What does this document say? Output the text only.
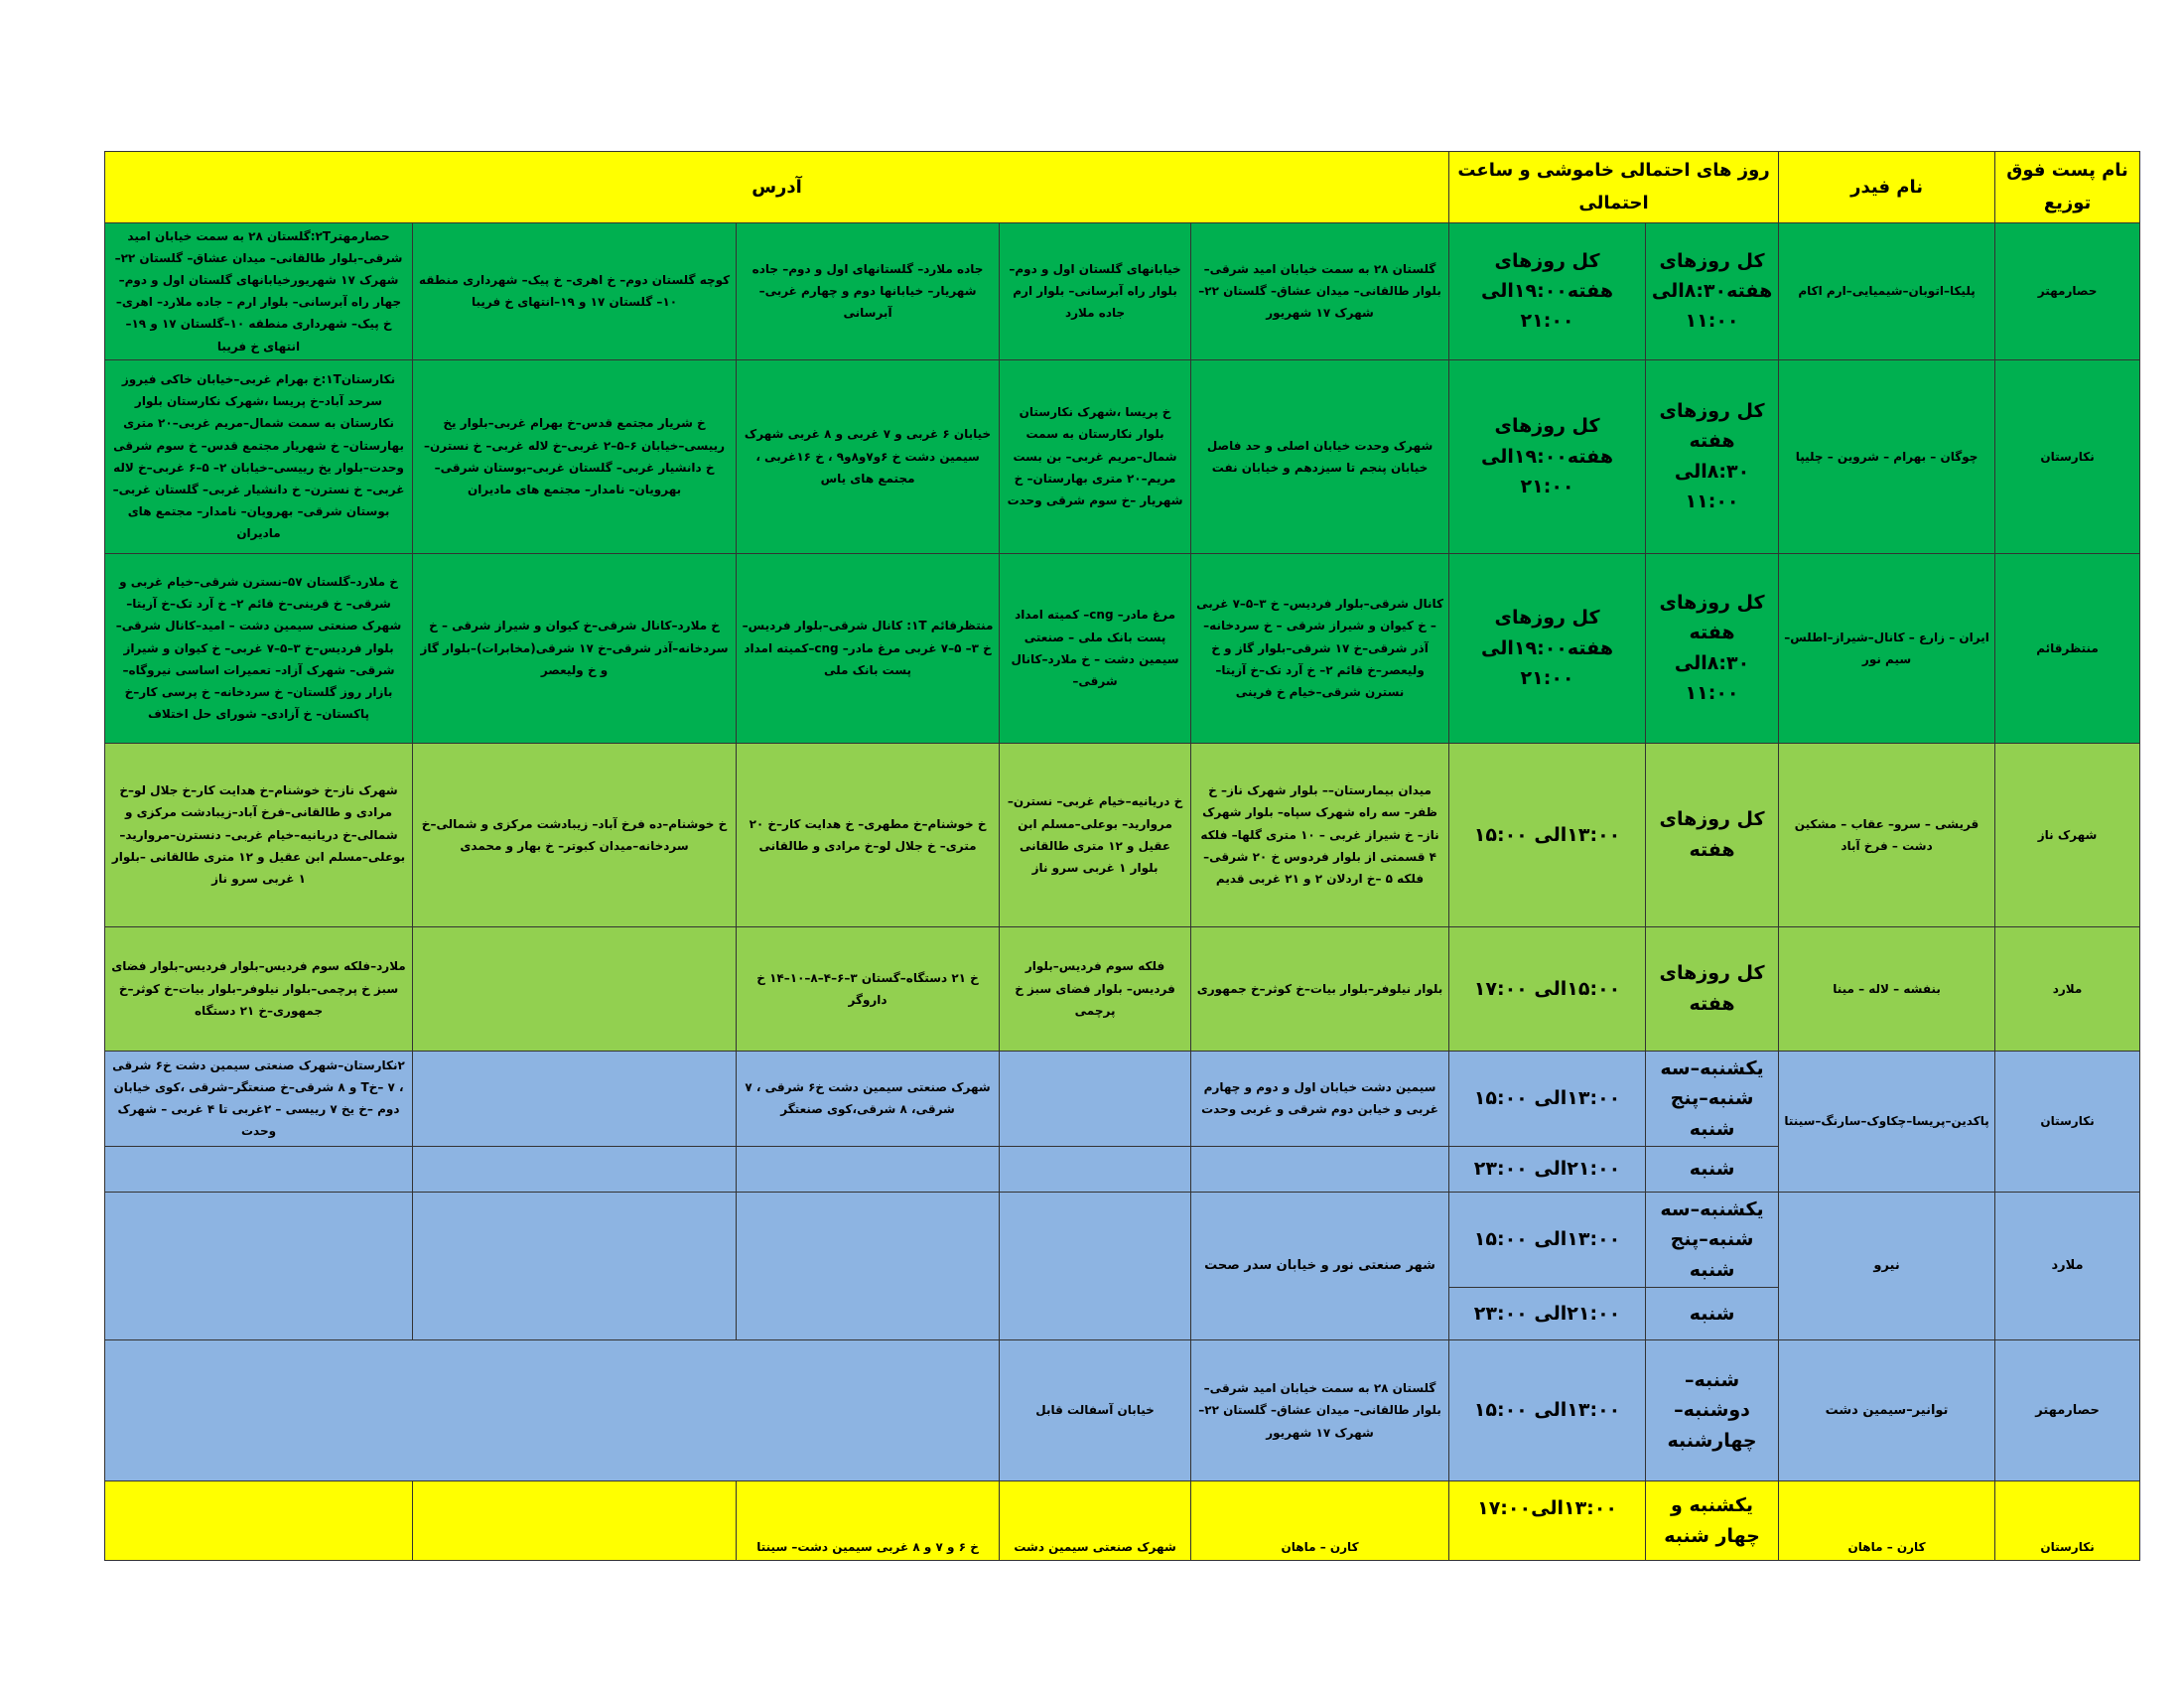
نام پست فوق توزیع	نام فیدر	روز های احتمالی خاموشی و ساعت احتمالی		آدرس				
حصارمهتر	پلیکا–اتوبان–شیمیایی–ارم اکام	کل روزهای هفته۸:۳۰الی ۱۱:۰۰	کل روزهای هفته۱۹:۰۰الی ۲۱:۰۰	گلستان ۲۸ به سمت خیابان امید شرقی–بلوار طالقانی– میدان عشاق– گلستان ۲۲– شهرک ۱۷ شهریور	خیابانهای گلستان اول و دوم– بلوار راه آبرسانی– بلوار ارم جاده ملارد	جاده ملارد– گلستانهای اول و دوم– جاده شهریار– خیابانها دوم و چهارم غربی– آبرسانی	کوچه گلستان دوم– خ اهری– خ پیک– شهرداری منطقه ۱۰– گلستان ۱۷ و ۱۹–انتهای خ فریبا	حصارمهتر۲T:گلستان ۲۸ به سمت خیابان امید شرقی–بلوار طالقانی– میدان عشاق– گلستان ۲۲– شهرک ۱۷ شهریورخیابانهای گلستان اول و دوم– جهار راه آبرسانی– بلوار ارم – جاده ملارد– اهری– خ پیک– شهرداری منطقه ۱۰–گلستان ۱۷ و ۱۹–انتهای خ فریبا
نکارستان	چوگان – بهرام – شروین – چلیپا	کل روزهای هفته ۸:۳۰الی ۱۱:۰۰	کل روزهای هفته۱۹:۰۰الی ۲۱:۰۰	شهرک وحدت خیابان اصلی و حد فاصل خیابان پنجم تا سیزدهم و خیابان نفت	خ پریسا ،شهرک نکارستان بلوار نکارستان به سمت شمال–مریم غربی– بن بست مریم–۲۰ متری بهارستان– خ شهریار –خ سوم شرقی وحدت	خیابان ۶ غربی و ۷ غربی و ۸ غربی شهرک سیمین دشت خ ۶و۷و۸و۹ ، خ ۱۶غربی ، مجتمع های یاس	خ شریار مجتمع قدس–خ بهرام غربی–بلوار یخ رییسی–خیابان ۶–۵–۲ غربی–خ لاله غربی– خ نسترن– خ دانشیار غربی– گلستان غربی–بوستان شرقی– بهرویان– نامدار– مجتمع های مادیران	نکارستان۱T:خ بهرام غربی–خیابان خاکی فیروز سرحد آباد–خ پریسا ،شهرک نکارستان بلوار نکارستان به سمت شمال–مریم غربی–۲۰ متری بهارستان– خ شهریار مجتمع قدس– خ سوم شرقی وحدت–بلوار یخ رییسی–خیابان ۲– ۵–۶ غربی–خ لاله غربی– خ نسترن– خ دانشیار غربی– گلستان غربی–بوستان شرقی– بهرویان– نامدار– مجتمع های مادیران
منتظرقائم	ایران – زارع – کانال–شیراز–اطلس– سیم نور	کل روزهای هفته ۸:۳۰الی ۱۱:۰۰	کل روزهای هفته۱۹:۰۰الی ۲۱:۰۰	کانال شرقی–بلوار فردیس– خ ۳–۵–۷ غربی – خ کیوان و شیراز شرقی – خ سردخانه– آذر شرقی–خ ۱۷ شرقی–بلوار گاز و خ ولیعصر–خ قائم ۲– خ آرد تک–خ آزیتا–نسترن شرقی–خیام خ فرینی	مرغ مادر– cng– کمیته امداد پست بانک ملی – صنعتی سیمین دشت – خ ملارد–کانال شرقی–	منتظرقائم ۱T: کانال شرقی–بلوار فردیس–خ ۳– ۵–۷ غربی مرغ مادر– cng–کمیته امداد پست بانک ملی	خ ملارد–کانال شرقی–خ کیوان و شیراز شرقی – خ سردخانه–آذر شرقی–خ ۱۷ شرقی(مخابرات)–بلوار گاز و خ ولیعصر	خ ملارد–گلستان ۵۷–نسترن شرقی–خیام غربی و شرقی– خ قرینی–خ قائم ۲– خ آرد تک–خ آزیتا–شهرک صنعتی سیمین دشت – امید–کانال شرقی–بلوار فردیس–خ ۳–۵–۷ غربی– خ کیوان و شیراز شرقی– شهرک آزاد– تعمیرات اساسی نیروگاه– بازار روز گلستان– خ سردخانه– خ پرسی کار–خ پاکستان– خ آزادی– شورای حل اختلاف
شهرک ناز	قریشی – سرو– عقاب – مشکین دشت – فرخ آباد	کل روزهای هفته	۱۳:۰۰الی ۱۵:۰۰	میدان بیمارستان–– بلوار شهرک ناز– خ ظفر– سه راه شهرک سپاه– بلوار شهرک ناز– خ شیراز غربی – ۱۰ متری گلها– فلکه ۴ قسمتی از بلوار فردوس خ ۲۰ شرقی– فلکه ۵ –خ اردلان ۲ و ۲۱ غربی قدیم	خ دریانیه–خیام غربی– نسترن– مروارید– بوعلی–مسلم ابن عقیل و ۱۲ متری طالقانی بلوار ۱ غربی سرو ناز	خ خوشنام–خ مطهری– خ هدایت کار–خ ۲۰ متری– خ جلال لو–خ مرادی و طالقانی	خ خوشنام–ده فرخ آباد– زیبادشت مرکزی و شمالی–خ سردخانه–میدان کبوتر– خ بهار و محمدی	شهرک ناز–خ خوشنام–خ هدایت کار–خ جلال لو–خ مرادی و طالقانی–فرخ آباد–زیبادشت مرکزی و شمالی–خ دریانیه–خیام غربی– دنسترن–مروارید– بوعلی–مسلم ابن عقیل و ۱۲ متری طالقانی –بلوار ۱ غربی سرو ناز
ملارد	بنفشه – لاله – مینا	کل روزهای هفته	۱۵:۰۰الی ۱۷:۰۰	بلوار نیلوفر–بلوار بیات–خ کوثر–خ جمهوری	فلکه سوم فردیس–بلوار فردیس– بلوار فضای سبز خ پرچمی	خ ۲۱ دستگاه–گستان ۳–۶–۴–۸–۱۰–۱۴ خ داروگر		ملارد–فلکه سوم فردیس–بلوار فردیس–بلوار فضای سبز خ پرچمی–بلوار نیلوفر–بلوار بیات–خ کوثر–خ جمهوری–خ ۲۱ دستگاه
نکارستان	پاکدین–پریسا–چکاوک–سارنگ–سینتا	یکشنبه–سه شنبه–پنج شنبه	۱۳:۰۰الی ۱۵:۰۰	سیمین دشت خیابان اول و دوم و چهارم غربی و خیابن دوم شرقی و غربی وحدت		شهرک صنعتی سیمین دشت خ۶ شرقی ، ۷ شرقی، ۸ شرقی،کوی صنعتگر		۲نکارستان–شهرک صنعتی سیمین دشت خ۶ شرقی ، ۷ –خT و ۸ شرقی–خ صنعتگر–شرقی ،کوی خیابان دوم –خ یخ ۷ رییسی – ۲غربی تا ۴ غربی – شهرک وحدت
		شنبه	۲۱:۰۰الی ۲۳:۰۰					
ملارد	نیرو	یکشنبه–سه شنبه–پنج شنبه	۱۳:۰۰الی ۱۵:۰۰	شهر صنعتی نور و خیابان سدر صحت				
		شنبه	۲۱:۰۰الی ۲۳:۰۰					
حصارمهتر	توانیر–سیمین دشت	شنبه–دوشنبه– چهارشنبه	۱۳:۰۰الی ۱۵:۰۰	گلستان ۲۸ به سمت خیابان امید شرقی–بلوار طالقانی– میدان عشاق– گلستان ۲۲– شهرک ۱۷ شهریور	خیابان آسفالت قابل			
نکارستان	کارن – ماهان	یکشنبه و چهار شنبه	۱۳:۰۰الی۱۷:۰۰	کارن – ماهان	شهرک صنعتی سیمین دشت	خ ۶ و ۷ و ۸ غربی سیمین دشت– سینتا		
